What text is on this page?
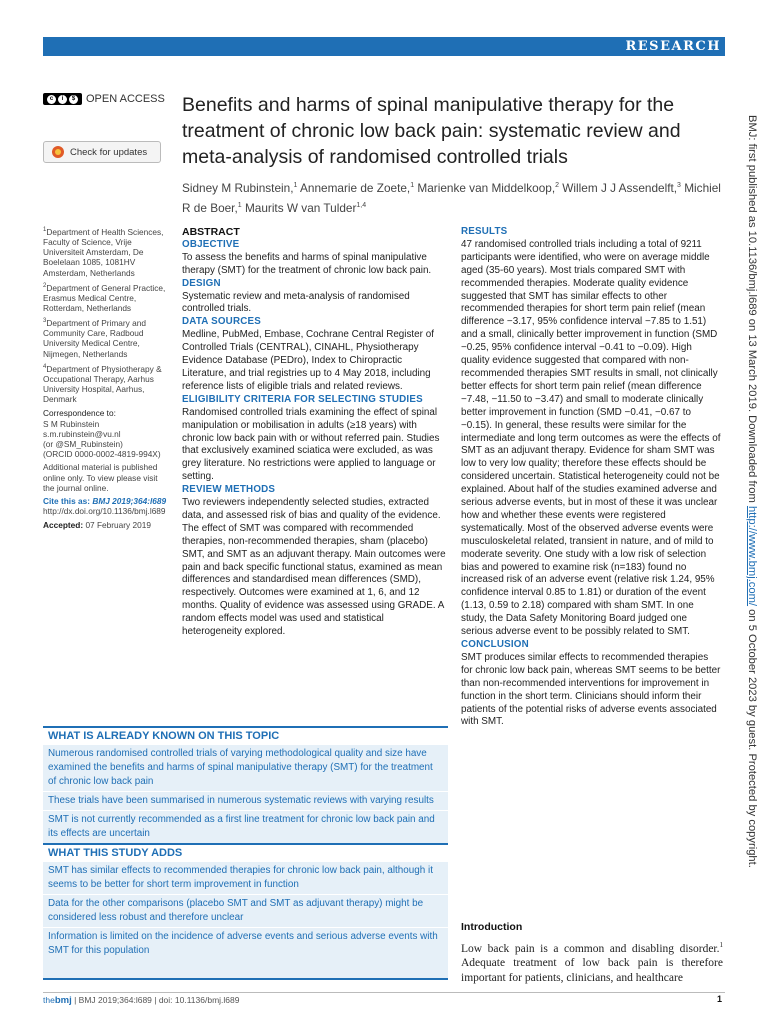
RESEARCH
c	i	$ OPEN ACCESS
Check for updates
Benefits and harms of spinal manipulative therapy for the treatment of chronic low back pain: systematic review and meta-analysis of randomised controlled trials
Sidney M Rubinstein,$^1$ Annemarie de Zoete,$^1$ Marienke van Middelkoop,$^2$ Willem J J Assendelft,$^3$ Michiel R de Boer,$^1$ Maurits W van Tulder$^{1,4}$

$^1$Department of Health Sciences, Faculty of Science, Vrije Universiteit Amsterdam, De Boelelaan 1085, 1081HV Amsterdam, Netherlands

$^2$Department of General Practice, Erasmus Medical Centre, Rotterdam, Netherlands

$^3$Department of Primary and Community Care, Radboud University Medical Centre, Nijmegen, Netherlands

$^4$Department of Physiotherapy & Occupational Therapy, Aarhus University Hospital, Aarhus, Denmark

Correspondence to:
S M Rubinstein
s.m.rubinstein@vu.nl
(or @SM_Rubinstein)
(ORCID 0000-0002-4819-994X)

Additional material is published online only. To view please visit the journal online.

Cite this as: BMJ 2019;364:l689
http://dx.doi.org/10.1136/bmj.l689

Accepted: 07 February 2019

ABSTRACT

OBJECTIVE

To assess the benefits and harms of spinal manipulative therapy (SMT) for the treatment of chronic low back pain.

DESIGN

Systematic review and meta-analysis of randomised controlled trials.

DATA SOURCES

Medline, PubMed, Embase, Cochrane Central Register of Controlled Trials (CENTRAL), CINAHL, Physiotherapy Evidence Database (PEDro), Index to Chiropractic Literature, and trial registries up to 4 May 2018, including reference lists of eligible trials and related reviews.

ELIGIBILITY CRITERIA FOR SELECTING STUDIES

Randomised controlled trials examining the effect of spinal manipulation or mobilisation in adults (≥18 years) with chronic low back pain with or without referred pain. Studies that exclusively examined sciatica were excluded, as was grey literature. No restrictions were applied to language or setting.

REVIEW METHODS

Two reviewers independently selected studies, extracted data, and assessed risk of bias and quality of the evidence. The effect of SMT was compared with recommended therapies, non-recommended therapies, sham (placebo) SMT, and SMT as an adjuvant therapy. Main outcomes were pain and back specific functional status, examined as mean differences and standardised mean differences (SMD), respectively. Outcomes were examined at 1, 6, and 12 months. Quality of evidence was assessed using GRADE. A random effects model was used and statistical heterogeneity explored.

RESULTS

47 randomised controlled trials including a total of 9211 participants were identified, who were on average middle aged (35-60 years). Most trials compared SMT with recommended therapies. Moderate quality evidence suggested that SMT has similar effects to other recommended therapies for short term pain relief (mean difference −3.17, 95% confidence interval −7.85 to 1.51) and a small, clinically better improvement in function (SMD −0.25, 95% confidence interval −0.41 to −0.09). High quality evidence suggested that compared with non-recommended therapies SMT results in small, not clinically better effects for short term pain relief (mean difference −7.48, −11.50 to −3.47) and small to moderate clinically better improvement in function (SMD −0.41, −0.67 to −0.15). In general, these results were similar for the intermediate and long term outcomes as were the effects of SMT as an adjuvant therapy. Evidence for sham SMT was low to very low quality; therefore these effects should be considered uncertain. Statistical heterogeneity could not be explained. About half of the studies examined adverse and serious adverse events, but in most of these it was unclear how and whether these events were registered systematically. Most of the observed adverse events were musculoskeletal related, transient in nature, and of mild to moderate severity. One study with a low risk of selection bias and powered to examine risk (n=183) found no increased risk of an adverse event (relative risk 1.24, 95% confidence interval 0.85 to 1.81) or duration of the event (1.13, 0.59 to 2.18) compared with sham SMT. In one study, the Data Safety Monitoring Board judged one serious adverse event to be possibly related to SMT.

CONCLUSION

SMT produces similar effects to recommended therapies for chronic low back pain, whereas SMT seems to be better than non-recommended interventions for improvement in function in the short term. Clinicians should inform their patients of the potential risks of adverse events associated with SMT.

WHAT IS ALREADY KNOWN ON THIS TOPIC

Numerous randomised controlled trials of varying methodological quality and size have examined the benefits and harms of spinal manipulative therapy (SMT) for the treatment of chronic low back pain
These trials have been summarised in numerous systematic reviews with varying results
SMT is not currently recommended as a first line treatment for chronic low back pain and its effects are uncertain

WHAT THIS STUDY ADDS

SMT has similar effects to recommended therapies for chronic low back pain, although it seems to be better for short term improvement in function
Data for the other comparisons (placebo SMT and SMT as adjuvant therapy) might be considered less robust and therefore unclear
Information is limited on the incidence of adverse events and serious adverse events with SMT for this population

Introduction

Low back pain is a common and disabling disorder.$^1$ Adequate treatment of low back pain is therefore important for patients, clinicians, and healthcare
thebmj | BMJ 2019;364:l689 | doi: 10.1136/bmj.l689	1
BMJ: first published as 10.1136/bmj.l689 on 13 March 2019. Downloaded from http://www.bmj.com/ on 5 October 2023 by guest. Protected by copyright.
